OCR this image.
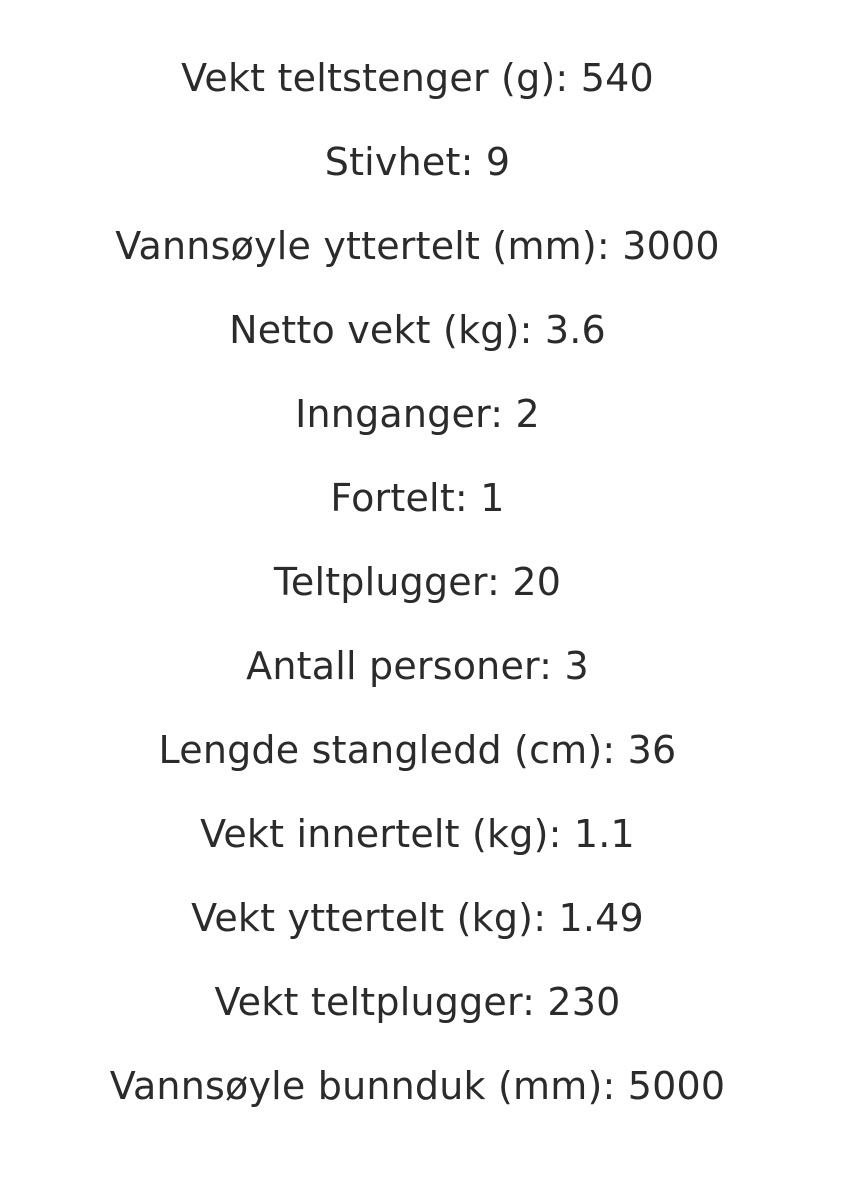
Vekt teltstenger (g): 540
Stivhet: 9
Vannsøyle yttertelt (mm): 3000
Netto vekt (kg): 3.6
Innganger: 2
Fortelt: 1
Teltplugger: 20
Antall personer: 3
Lengde stangledd (cm): 36
Vekt innertelt (kg): 1.1
Vekt yttertelt (kg): 1.49
Vekt teltplugger: 230
Vannsøyle bunnduk (mm): 5000
